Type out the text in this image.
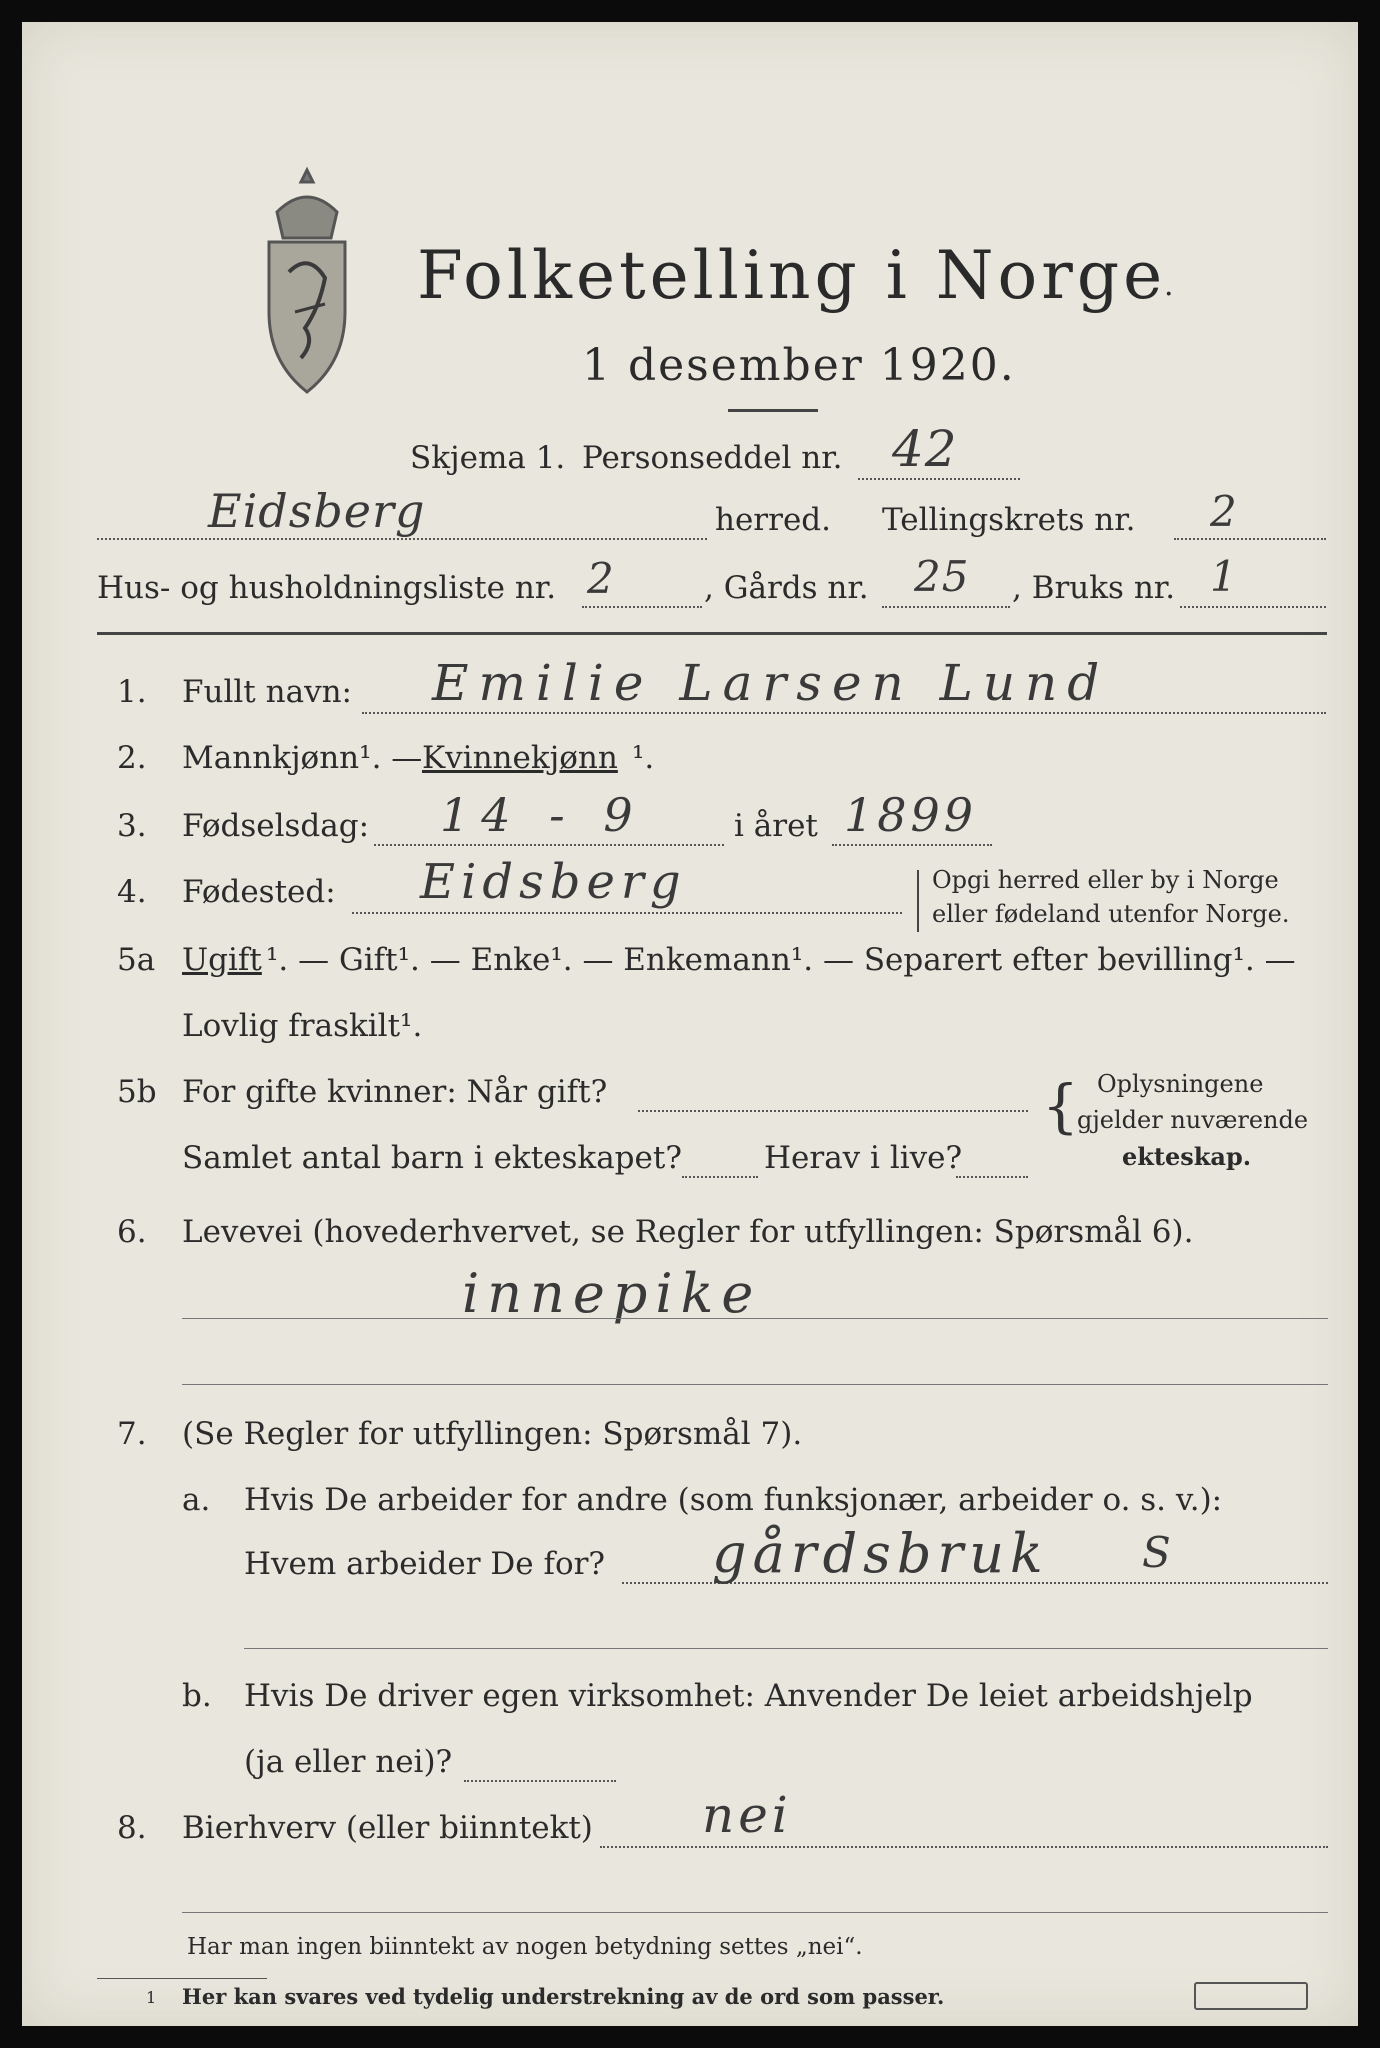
Folketelling i Norge
·
1 desember 1920.
Skjema 1. Personseddel nr. 42
Eidsberg	herred. Tellingskrets nr. 2
Hus- og husholdningsliste nr. 2	, Gårds nr. 25 , Bruks nr. 1
1. Fullt navn: Emilie Larsen Lund
2. Mannkjønn¹. — Kvinnekjønn ¹.
3. Fødselsdag: 14 - 9	i året 1899
4. Fødested: Eidsberg	Opgi herred eller by i Norge
eller fødeland utenfor Norge.
5a Ugift ¹. — Gift¹. — Enke¹. — Enkemann¹. — Separert efter bevilling¹. —
Lovlig fraskilt¹.
5b For gifte kvinner: Når gift?
Samlet antal barn i ekteskapet?	Herav i live?
{ Oplysningene
gjelder nuværende
ekteskap.
6. Levevei (hovederhvervet, se Regler for utfyllingen: Spørsmål 6).
innepike
7. (Se Regler for utfyllingen: Spørsmål 7).
a. Hvis De arbeider for andre (som funksjonær, arbeider o. s. v.):
Hvem arbeider De for? gårdsbruk S
b. Hvis De driver egen virksomhet: Anvender De leiet arbeidshjelp
(ja eller nei)?
8. Bierhverv (eller biinntekt) nei
Har man ingen biinntekt av nogen betydning settes „nei“.
1 Her kan svares ved tydelig understrekning av de ord som passer.
